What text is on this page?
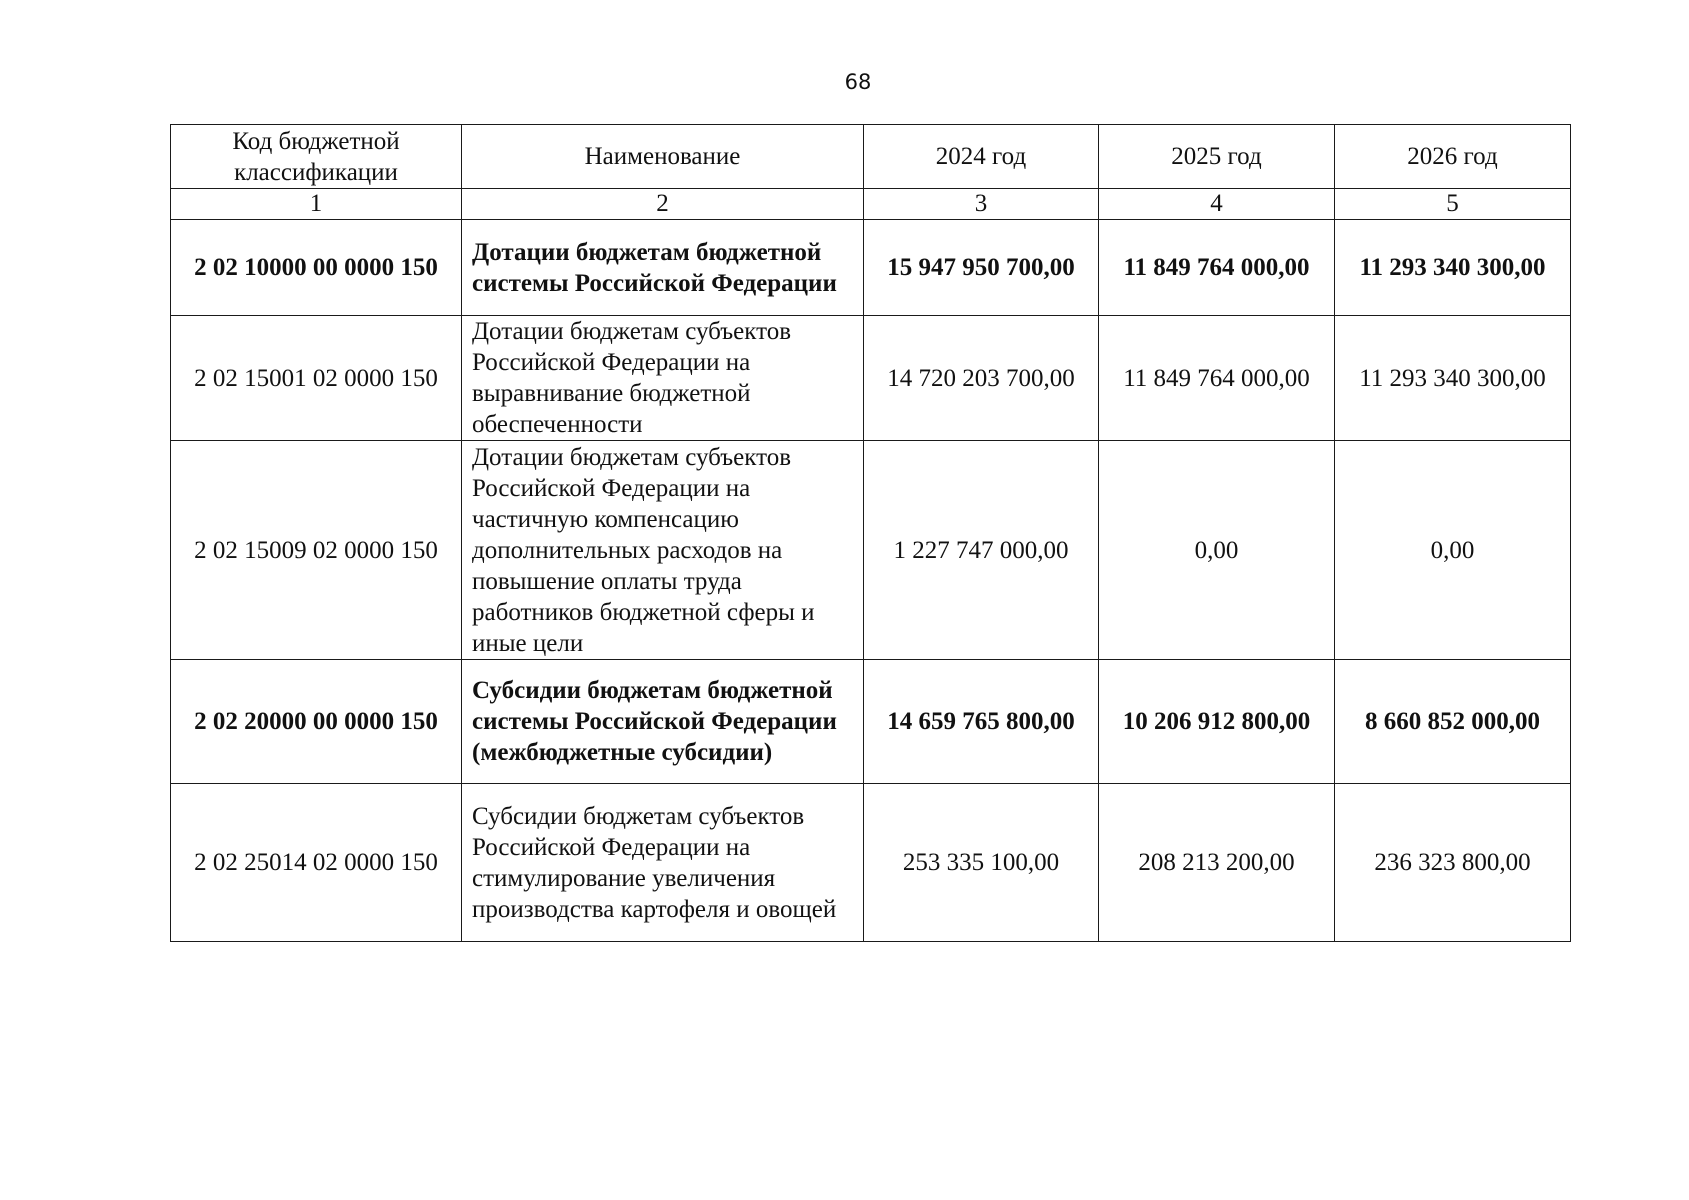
68
Код бюджетной классификации	Наименование	2024 год	2025 год	2026 год
1	2	3	4	5
2 02 10000 00 0000 150	Дотации бюджетам бюджетной системы Российской Федерации	15 947 950 700,00	11 849 764 000,00	11 293 340 300,00
2 02 15001 02 0000 150	Дотации бюджетам субъектов Российской Федерации на выравнивание бюджетной обеспеченности	14 720 203 700,00	11 849 764 000,00	11 293 340 300,00
2 02 15009 02 0000 150	Дотации бюджетам субъектов Российской Федерации на частичную компенсацию дополнительных расходов на повышение оплаты труда работников бюджетной сферы и иные цели	1 227 747 000,00	0,00	0,00
2 02 20000 00 0000 150	Субсидии бюджетам бюджетной системы Российской Федерации (межбюджетные субсидии)	14 659 765 800,00	10 206 912 800,00	8 660 852 000,00
2 02 25014 02 0000 150	Субсидии бюджетам субъектов Российской Федерации на стимулирование увеличения производства картофеля и овощей	253 335 100,00	208 213 200,00	236 323 800,00
